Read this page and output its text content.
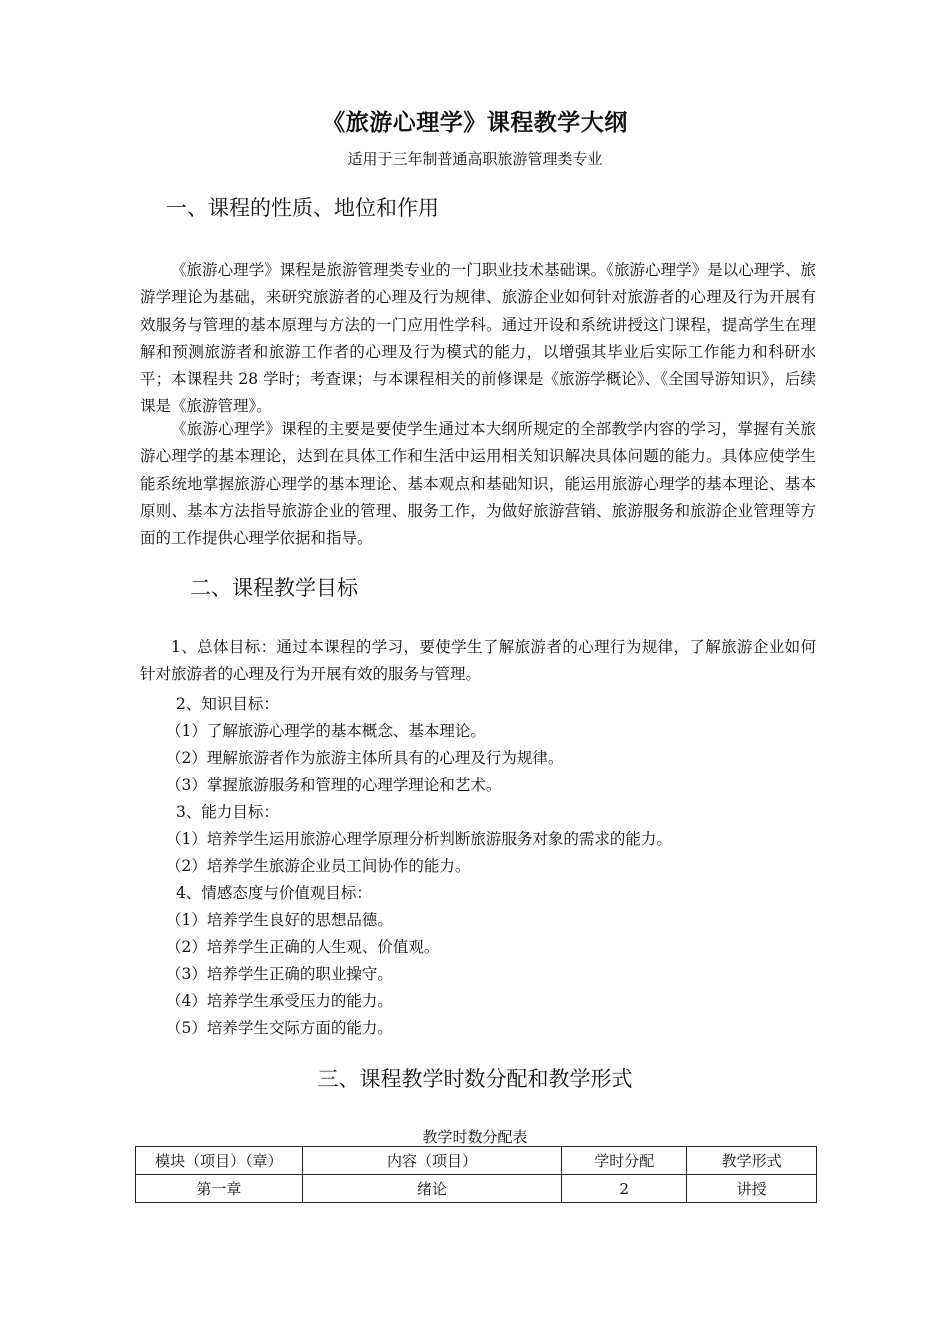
《旅游心理学》课程教学大纲
适用于三年制普通高职旅游管理类专业
一、课程的性质、地位和作用

《旅游心理学》课程是旅游管理类专业的一门职业技术基础课。《旅游心理学》是以心理学、旅游学理论为基础，来研究旅游者的心理及行为规律、旅游企业如何针对旅游者的心理及行为开展有效服务与管理的基本原理与方法的一门应用性学科。通过开设和系统讲授这门课程，提高学生在理解和预测旅游者和旅游工作者的心理及行为模式的能力，以增强其毕业后实际工作能力和科研水平；本课程共 28 学时；考查课；与本课程相关的前修课是《旅游学概论》、《全国导游知识》，后续课是《旅游管理》。

《旅游心理学》课程的主要是要使学生通过本大纲所规定的全部教学内容的学习，掌握有关旅游心理学的基本理论，达到在具体工作和生活中运用相关知识解决具体问题的能力。具体应使学生能系统地掌握旅游心理学的基本理论、基本观点和基础知识，能运用旅游心理学的基本理论、基本原则、基本方法指导旅游企业的管理、服务工作，为做好旅游营销、旅游服务和旅游企业管理等方面的工作提供心理学依据和指导。

二、课程教学目标

1、总体目标：通过本课程的学习，要使学生了解旅游者的心理行为规律，了解旅游企业如何针对旅游者的心理及行为开展有效的服务与管理。

2、知识目标：
（1）了解旅游心理学的基本概念、基本理论。
（2）理解旅游者作为旅游主体所具有的心理及行为规律。
（3）掌握旅游服务和管理的心理学理论和艺术。
3、能力目标：
（1）培养学生运用旅游心理学原理分析判断旅游服务对象的需求的能力。
（2）培养学生旅游企业员工间协作的能力。
4、情感态度与价值观目标：
（1）培养学生良好的思想品德。
（2）培养学生正确的人生观、价值观。
（3）培养学生正确的职业操守。
（4）培养学生承受压力的能力。
（5）培养学生交际方面的能力。
三、课程教学时数分配和教学形式
教学时数分配表
模块（项目）（章）	内容（项目）	学时分配	教学形式
第一章	绪论	2	讲授
